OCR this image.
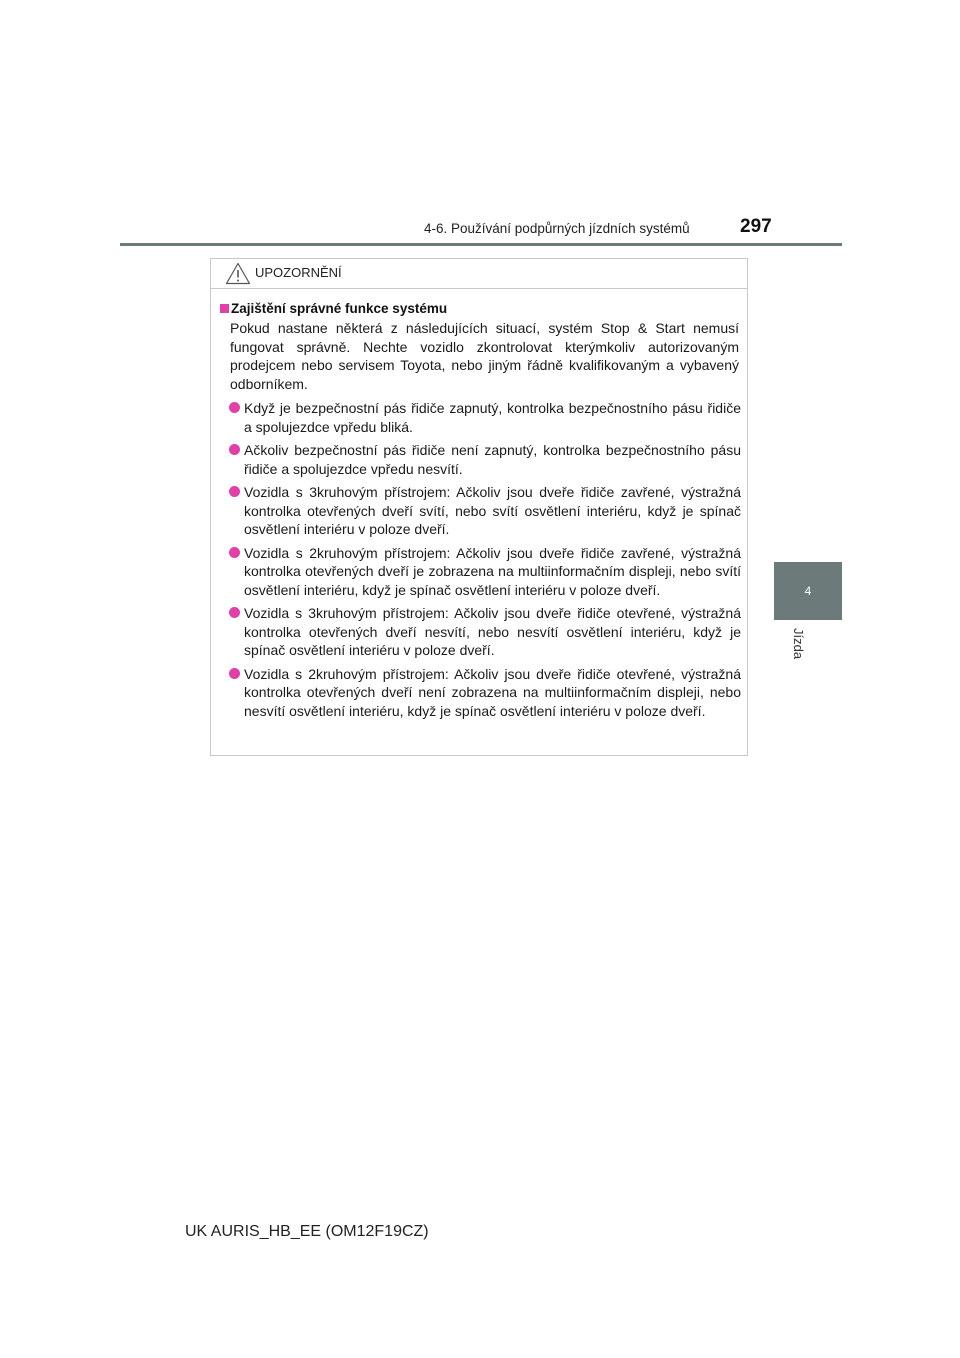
4-6. Používání podpůrných jízdních systémů	297
4
Jízda
UPOZORNĚNÍ
Zajištění správné funkce systému

Pokud nastane některá z následujících situací, systém Stop & Start nemusí fungovat správně. Nechte vozidlo zkontrolovat kterýmkoliv autorizovaným prodejcem nebo servisem Toyota, nebo jiným řádně kvalifikovaným a vybavený odborníkem.

Když je bezpečnostní pás řidiče zapnutý, kontrolka bezpečnostního pásu řidiče a spolujezdce vpředu bliká.
Ačkoliv bezpečnostní pás řidiče není zapnutý, kontrolka bezpečnostního pásu řidiče a spolujezdce vpředu nesvítí.
Vozidla s 3kruhovým přístrojem: Ačkoliv jsou dveře řidiče zavřené, výstražná kontrolka otevřených dveří svítí, nebo svítí osvětlení interiéru, když je spínač osvětlení interiéru v poloze dveří.
Vozidla s 2kruhovým přístrojem: Ačkoliv jsou dveře řidiče zavřené, výstražná kontrolka otevřených dveří je zobrazena na multiinformačním displeji, nebo svítí osvětlení interiéru, když je spínač osvětlení interiéru v poloze dveří.
Vozidla s 3kruhovým přístrojem: Ačkoliv jsou dveře řidiče otevřené, výstražná kontrolka otevřených dveří nesvítí, nebo nesvítí osvětlení interiéru, když je spínač osvětlení interiéru v poloze dveří.
Vozidla s 2kruhovým přístrojem: Ačkoliv jsou dveře řidiče otevřené, výstražná kontrolka otevřených dveří není zobrazena na multiinformačním displeji, nebo nesvítí osvětlení interiéru, když je spínač osvětlení interiéru v poloze dveří.
UK AURIS_HB_EE (OM12F19CZ)
